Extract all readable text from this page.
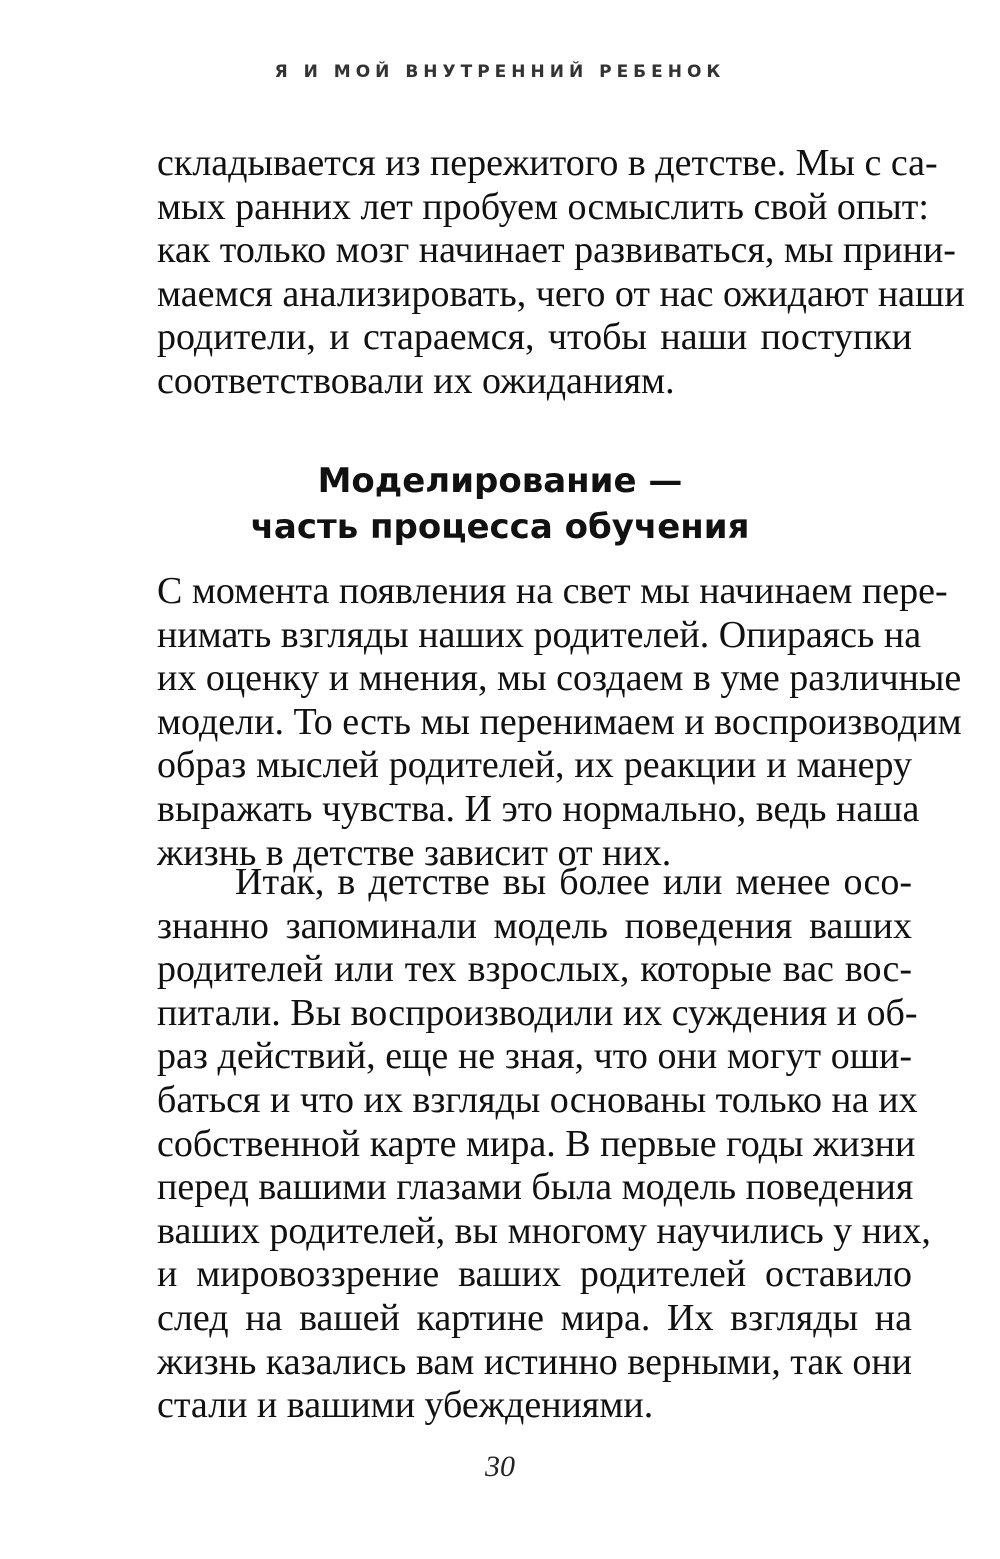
Я И МОЙ ВНУТРЕННИЙ РЕБЕНОК
складывается из пережитого в детстве. Мы с са-
мых ранних лет пробуем осмыслить свой опыт:
как только мозг начинает развиваться, мы прини-
маемся анализировать, чего от нас ожидают наши
родители, и стараемся, чтобы наши поступки
соответствовали их ожиданиям.
Моделирование —
часть процесса обучения
С момента появления на свет мы начинаем пере-
нимать взгляды наших родителей. Опираясь на
их оценку и мнения, мы создаем в уме различные
модели. То есть мы перенимаем и воспроизводим
образ мыслей родителей, их реакции и манеру
выражать чувства. И это нормально, ведь наша
жизнь в детстве зависит от них.
Итак, в детстве вы более или менее осо-
знанно запоминали модель поведения ваших
родителей или тех взрослых, которые вас вос-
питали. Вы воспроизводили их суждения и об-
раз действий, еще не зная, что они могут оши-
баться и что их взгляды основаны только на их
собственной карте мира. В первые годы жизни
перед вашими глазами была модель поведения
ваших родителей, вы многому научились у них,
и мировоззрение ваших родителей оставило
след на вашей картине мира. Их взгляды на
жизнь казались вам истинно верными, так они
стали и вашими убеждениями.
30
